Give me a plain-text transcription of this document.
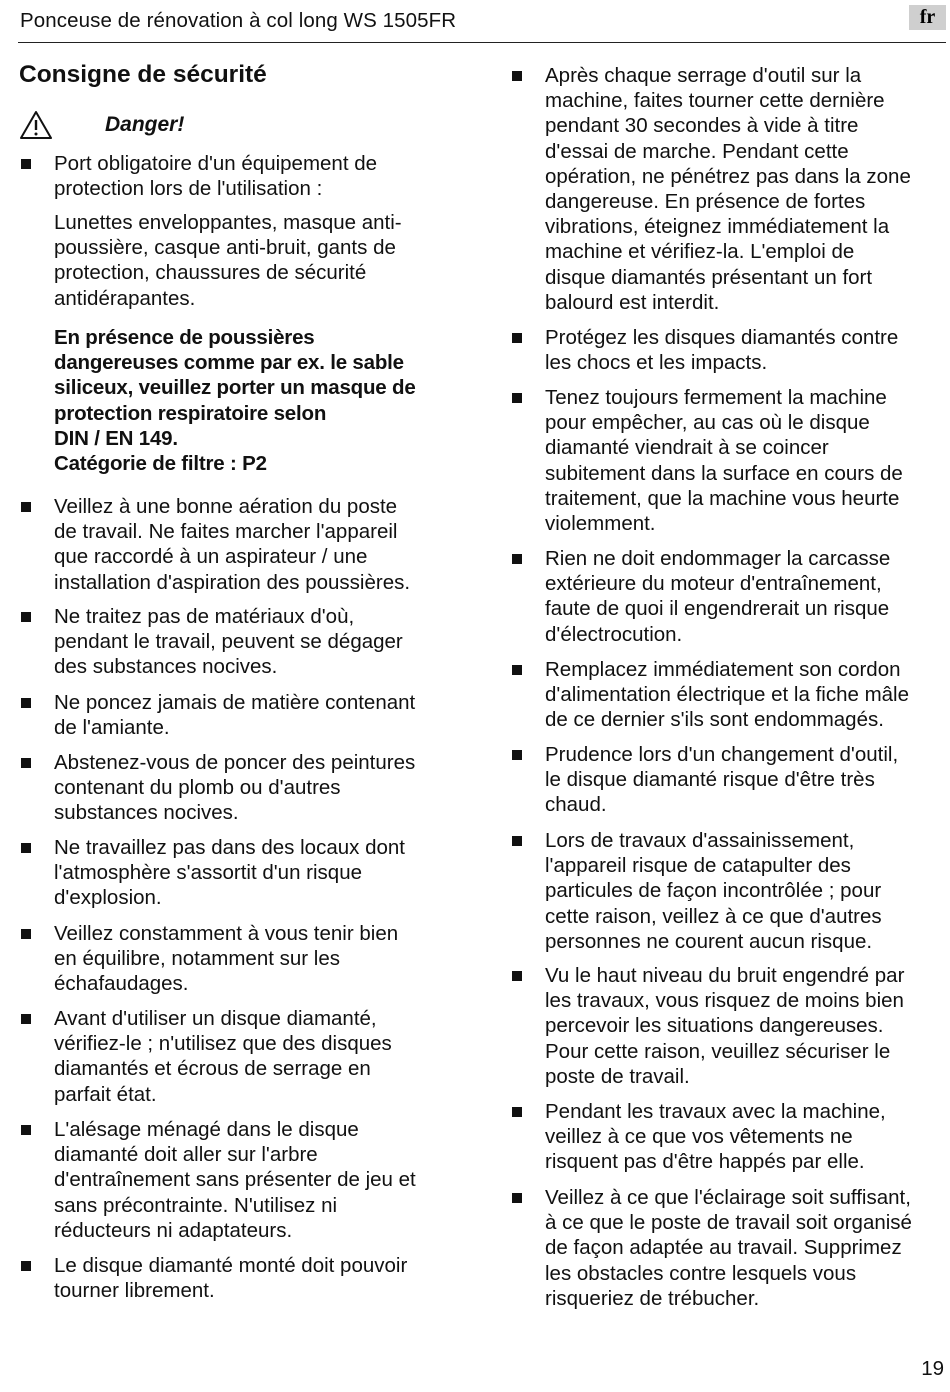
Ponceuse de rénovation à col long WS 1505FR	fr
Consigne de sécurité
Danger!
Port obligatoire d'un équipement de
protection lors de l'utilisation :
Lunettes enveloppantes, masque anti-
poussière, casque anti-bruit, gants de
protection, chaussures de sécurité
antidérapantes.
En présence de poussières
dangereuses comme par ex. le sable
siliceux, veuillez porter un masque de
protection respiratoire selon
DIN / EN 149.
Catégorie de filtre : P2
Veillez à une bonne aération du poste
de travail. Ne faites marcher l'appareil
que raccordé à un aspirateur / une
installation d'aspiration des poussières.
Ne traitez pas de matériaux d'où,
pendant le travail, peuvent se dégager
des substances nocives.
Ne poncez jamais de matière contenant
de l'amiante.
Abstenez-vous de poncer des peintures
contenant du plomb ou d'autres
substances nocives.
Ne travaillez pas dans des locaux dont
l'atmosphère s'assortit d'un risque
d'explosion.
Veillez constamment à vous tenir bien
en équilibre, notamment sur les
échafaudages.
Avant d'utiliser un disque diamanté,
vérifiez-le ; n'utilisez que des disques
diamantés et écrous de serrage en
parfait état.
L'alésage ménagé dans le disque
diamanté doit aller sur l'arbre
d'entraînement sans présenter de jeu et
sans précontrainte. N'utilisez ni
réducteurs ni adaptateurs.
Le disque diamanté monté doit pouvoir
tourner librement.
Après chaque serrage d'outil sur la
machine, faites tourner cette dernière
pendant 30 secondes à vide à titre
d'essai de marche. Pendant cette
opération, ne pénétrez pas dans la zone
dangereuse. En présence de fortes
vibrations, éteignez immédiatement la
machine et vérifiez-la. L'emploi de
disque diamantés présentant un fort
balourd est interdit.
Protégez les disques diamantés contre
les chocs et les impacts.
Tenez toujours fermement la machine
pour empêcher, au cas où le disque
diamanté viendrait à se coincer
subitement dans la surface en cours de
traitement, que la machine vous heurte
violemment.
Rien ne doit endommager la carcasse
extérieure du moteur d'entraînement,
faute de quoi il engendrerait un risque
d'électrocution.
Remplacez immédiatement son cordon
d'alimentation électrique et la fiche mâle
de ce dernier s'ils sont endommagés.
Prudence lors d'un changement d'outil,
le disque diamanté risque d'être très
chaud.
Lors de travaux d'assainissement,
l'appareil risque de catapulter des
particules de façon incontrôlée ; pour
cette raison, veillez à ce que d'autres
personnes ne courent aucun risque.
Vu le haut niveau du bruit engendré par
les travaux, vous risquez de moins bien
percevoir les situations dangereuses.
Pour cette raison, veuillez sécuriser le
poste de travail.
Pendant les travaux avec la machine,
veillez à ce que vos vêtements ne
risquent pas d'être happés par elle.
Veillez à ce que l'éclairage soit suffisant,
à ce que le poste de travail soit organisé
de façon adaptée au travail. Supprimez
les obstacles contre lesquels vous
risqueriez de trébucher.
19
